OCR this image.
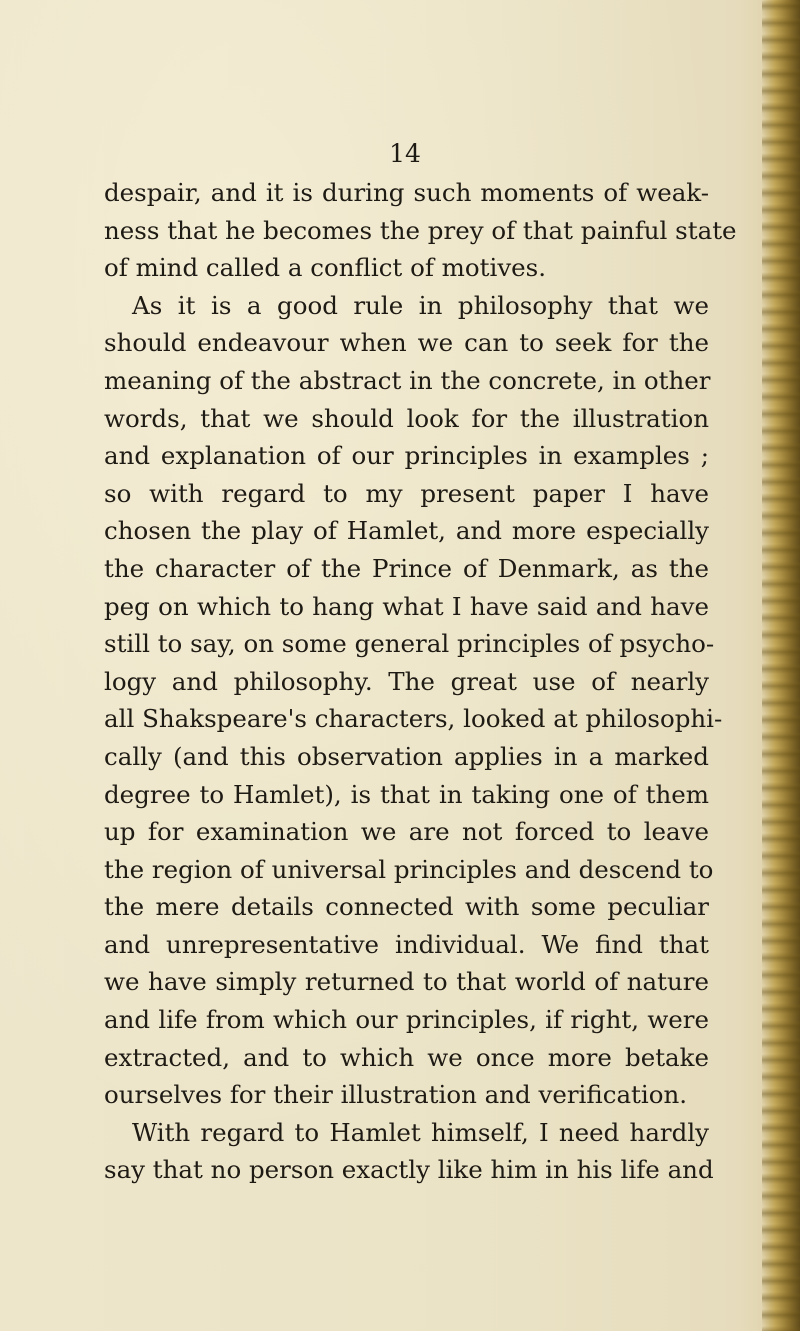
14
despair, and it is during such moments of weak-
ness that he becomes the prey of that painful state
of mind called a conflict of motives.
As it is a good rule in philosophy that we
should endeavour when we can to seek for the
meaning of the abstract in the concrete, in other
words, that we should look for the illustration
and explanation of our principles in examples ;
so with regard to my present paper I have
chosen the play of Hamlet, and more especially
the character of the Prince of Denmark, as the
peg on which to hang what I have said and have
still to say, on some general principles of psycho-
logy and philosophy. The great use of nearly
all Shakspeare's characters, looked at philosophi-
cally (and this observation applies in a marked
degree to Hamlet), is that in taking one of them
up for examination we are not forced to leave
the region of universal principles and descend to
the mere details connected with some peculiar
and unrepresentative individual. We find that
we have simply returned to that world of nature
and life from which our principles, if right, were
extracted, and to which we once more betake
ourselves for their illustration and verification.
With regard to Hamlet himself, I need hardly
say that no person exactly like him in his life and
